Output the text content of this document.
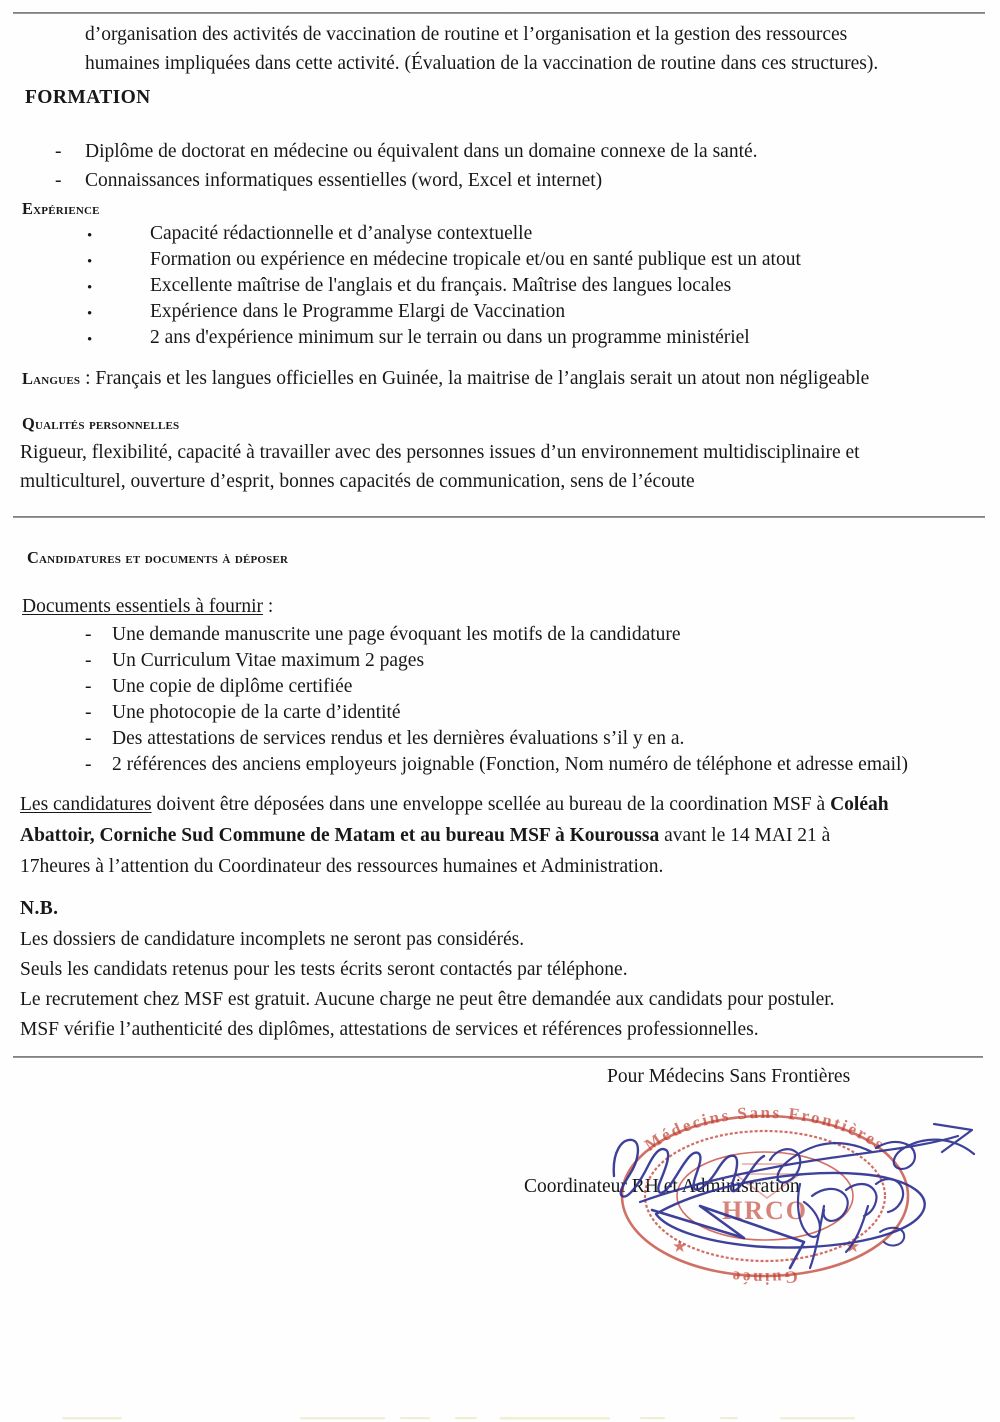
d’organisation des activités de vaccination de routine et l’organisation et la gestion des ressources
humaines impliquées dans cette activité. (Évaluation de la vaccination de routine dans ces structures).
FORMATION
- Diplôme de doctorat en médecine ou équivalent dans un domaine connexe de la santé.
- Connaissances informatiques essentielles (word, Excel et internet)
Expérience
•	Capacité rédactionnelle et d’analyse contextuelle
•	Formation ou expérience en médecine tropicale et/ou en santé publique est un atout
•	Excellente maîtrise de l'anglais et du français. Maîtrise des langues locales
•	Expérience dans le Programme Elargi de Vaccination
•	2 ans d'expérience minimum sur le terrain ou dans un programme ministériel
Langues : Français et les langues officielles en Guinée, la maitrise de l’anglais serait un atout non négligeable
Qualités personnelles
Rigueur, flexibilité, capacité à travailler avec des personnes issues d’un environnement multidisciplinaire et
multiculturel, ouverture d’esprit, bonnes capacités de communication, sens de l’écoute
Candidatures et documents à déposer
Documents essentiels à fournir :
- Une demande manuscrite une page évoquant les motifs de la candidature
- Un Curriculum Vitae maximum 2 pages
- Une copie de diplôme certifiée
- Une photocopie de la carte d’identité
- Des attestations de services rendus et les dernières évaluations s’il y en a.
- 2 références des anciens employeurs joignable (Fonction, Nom numéro de téléphone et adresse email)
Les candidatures doivent être déposées dans une enveloppe scellée au bureau de la coordination MSF à Coléah
Abattoir, Corniche Sud Commune de Matam et au bureau MSF à Kouroussa avant le 14 MAI 21 à
17heures à l’attention du Coordinateur des ressources humaines et Administration.
N.B.
Les dossiers de candidature incomplets ne seront pas considérés.
Seuls les candidats retenus pour les tests écrits seront contactés par téléphone.
Le recrutement chez MSF est gratuit. Aucune charge ne peut être demandée aux candidats pour postuler.
MSF vérifie l’authenticité des diplômes, attestations de services et références professionnelles.
Pour Médecins Sans Frontières
Coordinateur RH et Administration
Médecins Sans Frontières
Guinée
HRCO
★	★
